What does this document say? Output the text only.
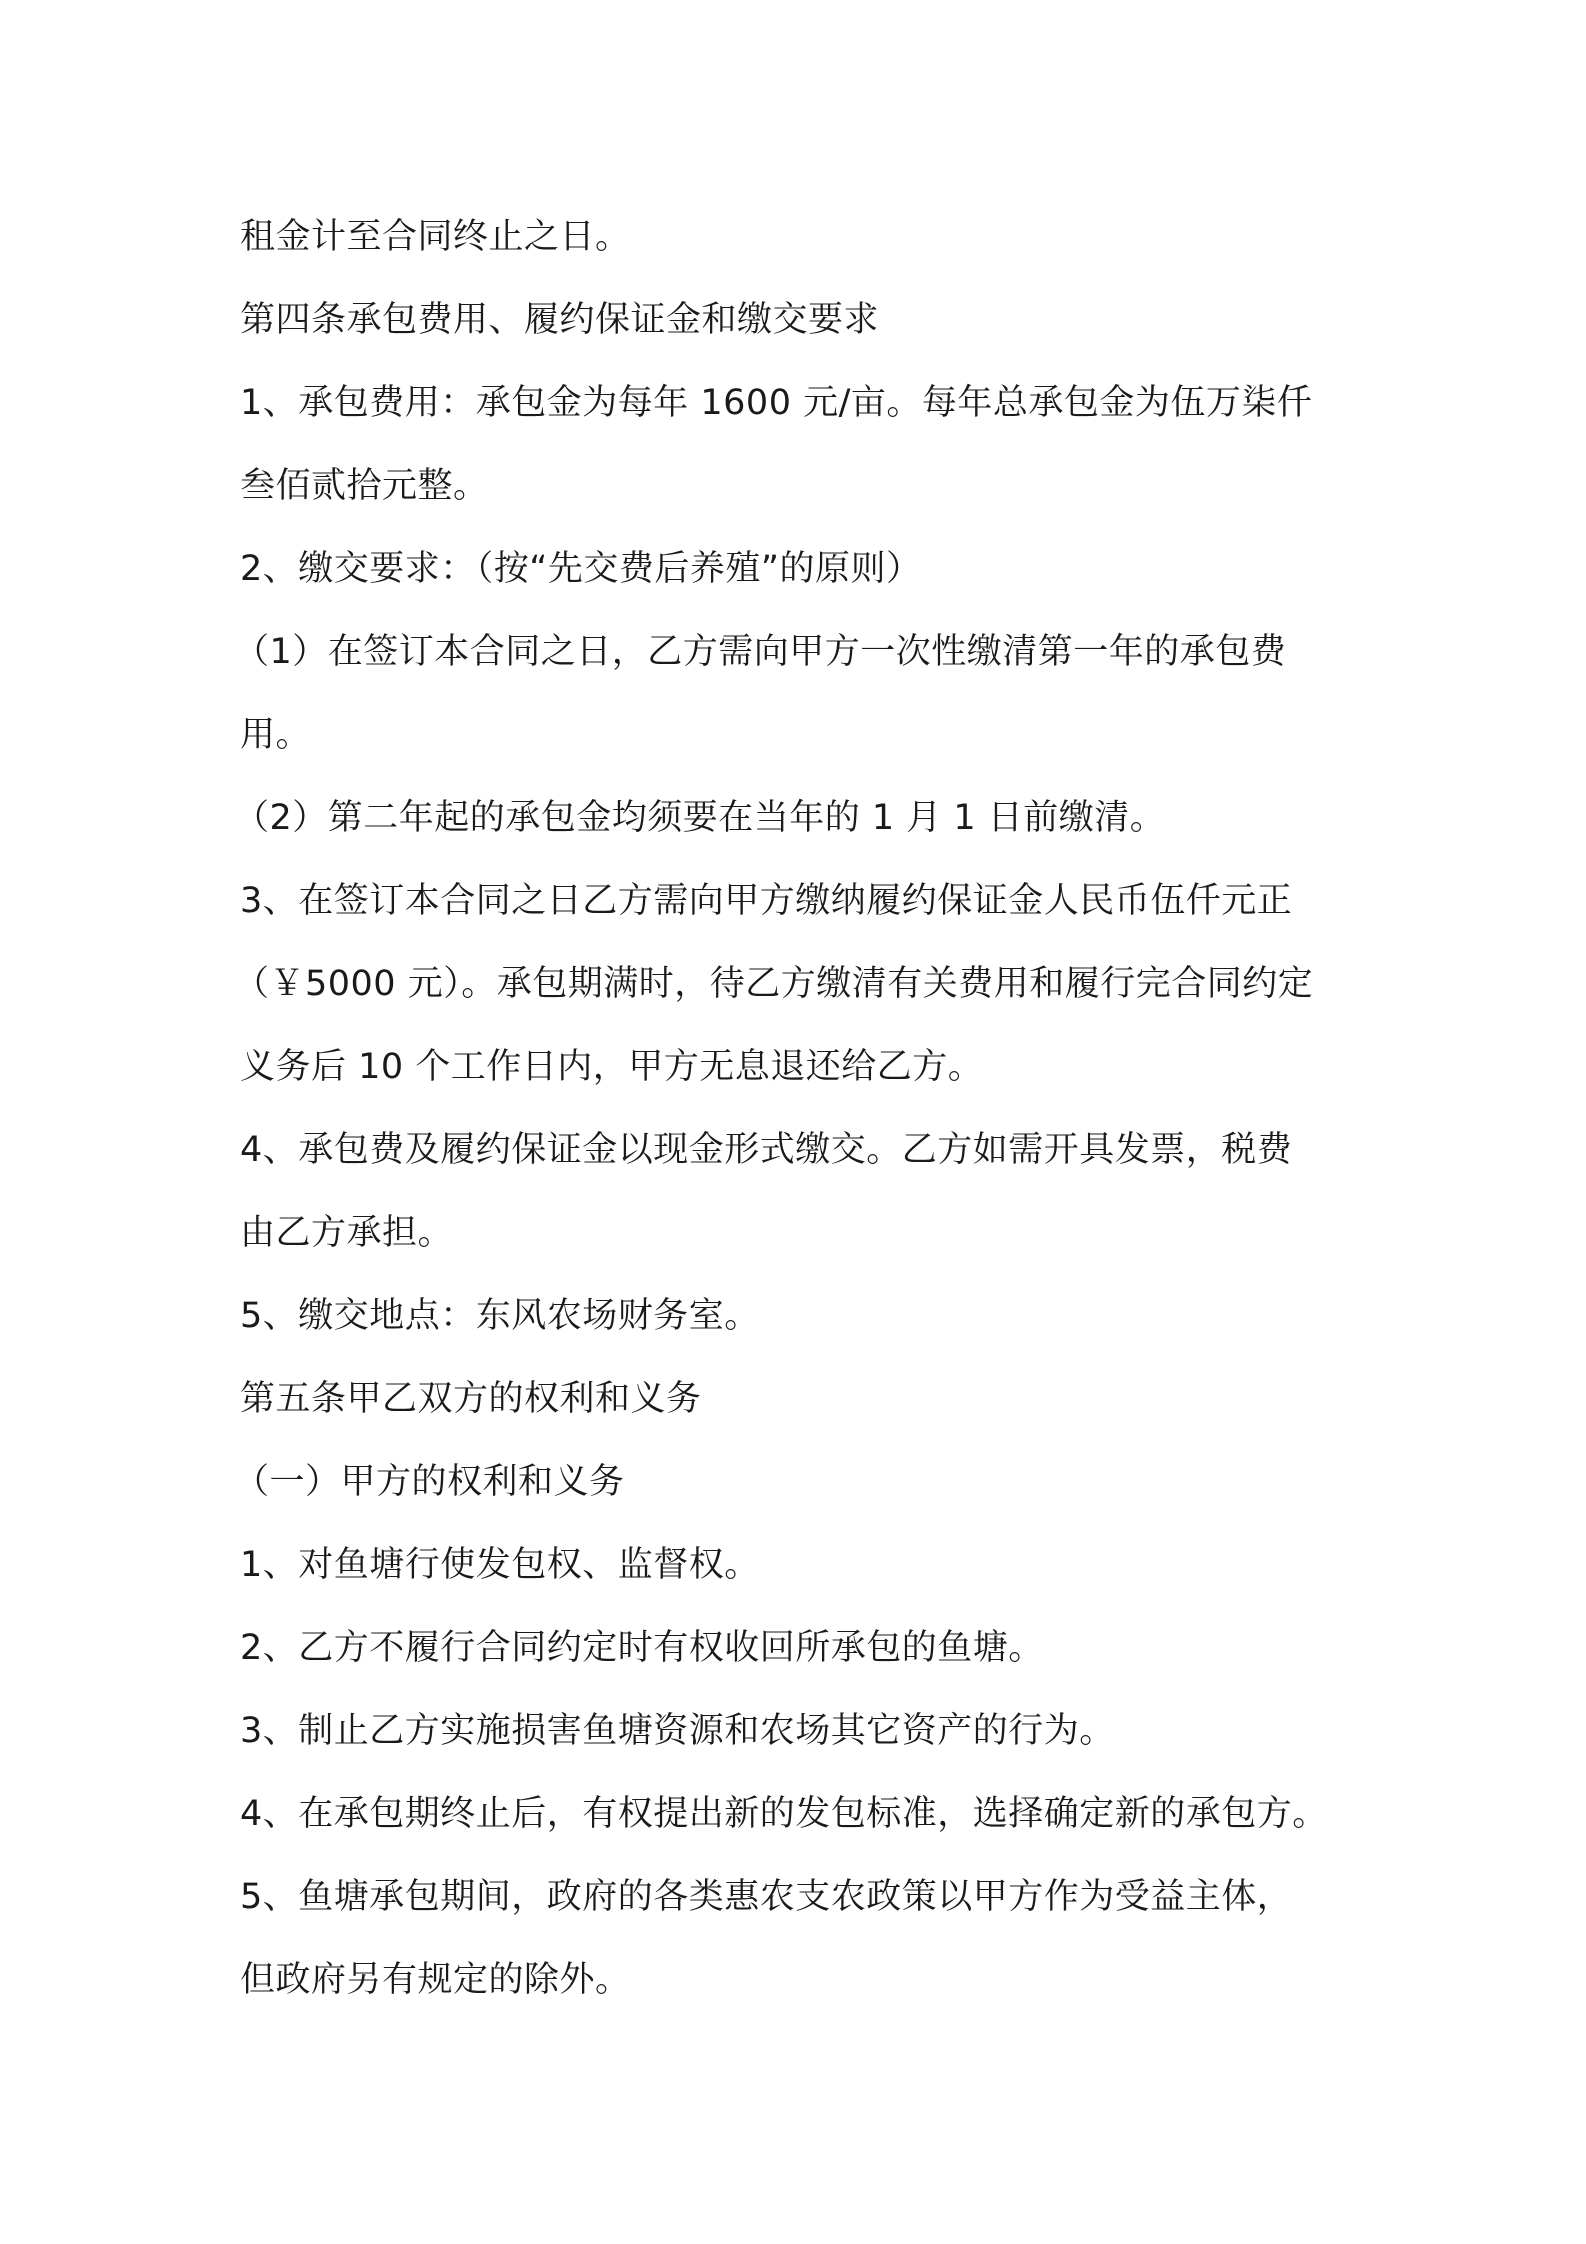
租金计至合同终止之日。
第四条承包费用、履约保证金和缴交要求
1、承包费用：承包金为每年 1600 元/亩。每年总承包金为伍万柒仟
叁佰贰拾元整。
2、缴交要求：（按“先交费后养殖”的原则）
（1）在签订本合同之日，乙方需向甲方一次性缴清第一年的承包费
用。
（2）第二年起的承包金均须要在当年的 1 月 1 日前缴清。
3、在签订本合同之日乙方需向甲方缴纳履约保证金人民币伍仟元正
（￥5000 元）。承包期满时，待乙方缴清有关费用和履行完合同约定
义务后 10 个工作日内，甲方无息退还给乙方。
4、承包费及履约保证金以现金形式缴交。乙方如需开具发票，税费
由乙方承担。
5、缴交地点：东风农场财务室。
第五条甲乙双方的权利和义务
（一）甲方的权利和义务
1、对鱼塘行使发包权、监督权。
2、乙方不履行合同约定时有权收回所承包的鱼塘。
3、制止乙方实施损害鱼塘资源和农场其它资产的行为。
4、在承包期终止后，有权提出新的发包标准，选择确定新的承包方。
5、鱼塘承包期间，政府的各类惠农支农政策以甲方作为受益主体，
但政府另有规定的除外。
